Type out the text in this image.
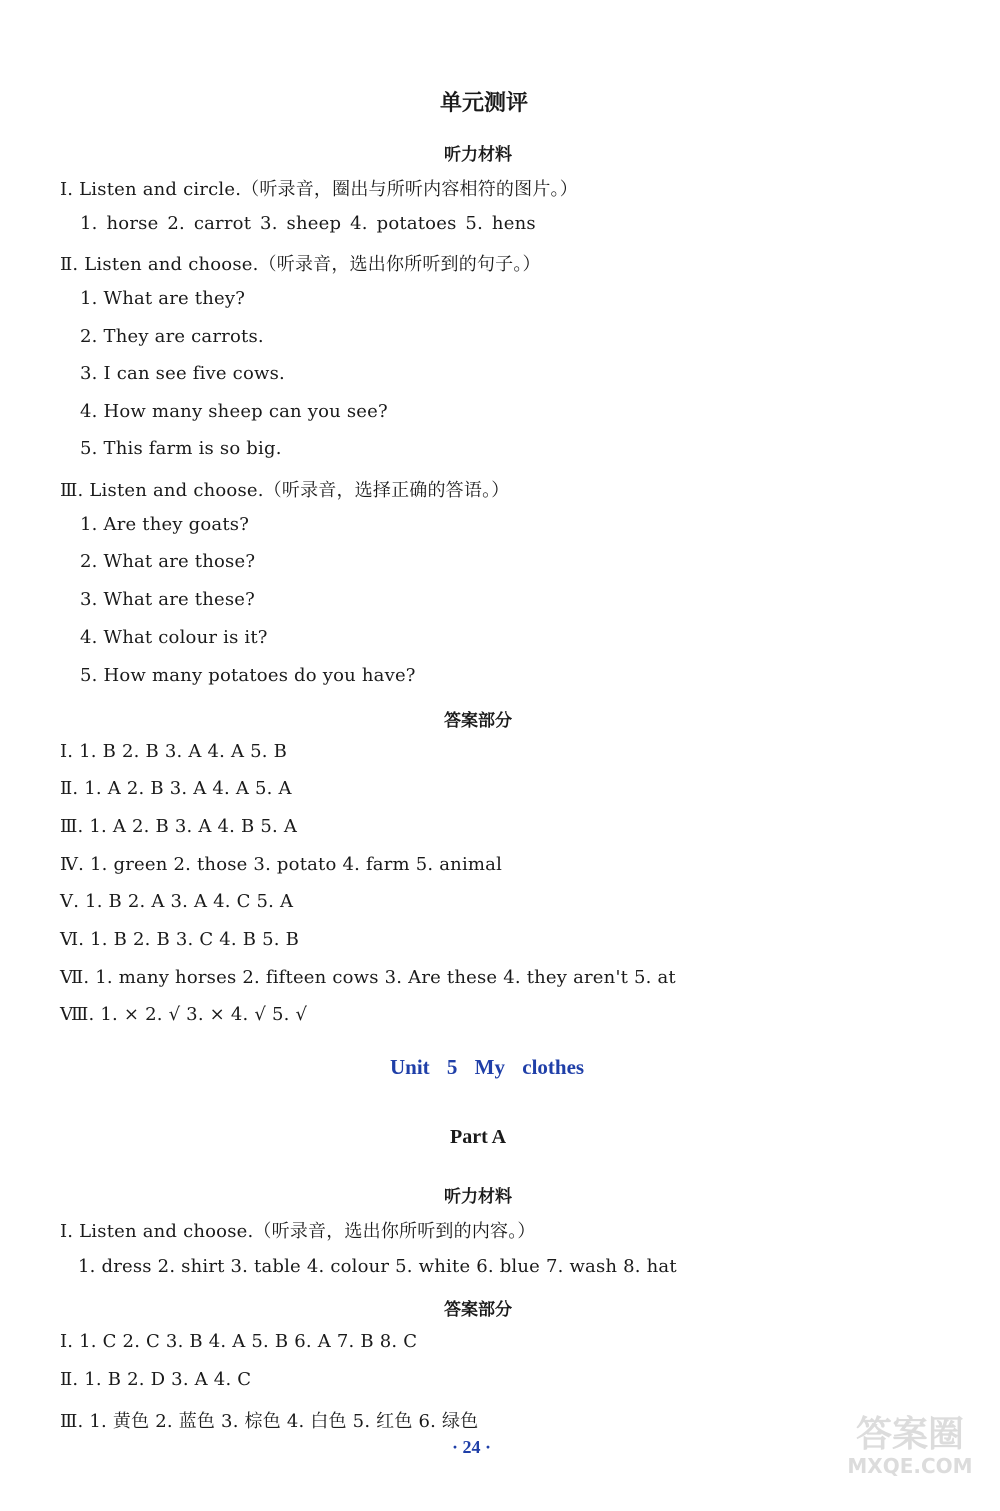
单元测评
听力材料
Ⅰ. Listen and circle.（听录音，圈出与所听内容相符的图片。）
1. horse 2. carrot 3. sheep 4. potatoes 5. hens
Ⅱ. Listen and choose.（听录音，选出你所听到的句子。）
1. What are they?
2. They are carrots.
3. I can see five cows.
4. How many sheep can you see?
5. This farm is so big.
Ⅲ. Listen and choose.（听录音，选择正确的答语。）
1. Are they goats?
2. What are those?
3. What are these?
4. What colour is it?
5. How many potatoes do you have?
答案部分
Ⅰ. 1. B 2. B 3. A 4. A 5. B
Ⅱ. 1. A 2. B 3. A 4. A 5. A
Ⅲ. 1. A 2. B 3. A 4. B 5. A
Ⅳ. 1. green 2. those 3. potato 4. farm 5. animal
Ⅴ. 1. B 2. A 3. A 4. C 5. A
Ⅵ. 1. B 2. B 3. C 4. B 5. B
Ⅶ. 1. many horses 2. fifteen cows 3. Are these 4. they aren't 5. at
Ⅷ. 1. × 2. √ 3. × 4. √ 5. √
Unit 5 My clothes
Part A
听力材料
Ⅰ. Listen and choose.（听录音，选出你所听到的内容。）
1. dress 2. shirt 3. table 4. colour 5. white 6. blue 7. wash 8. hat
答案部分
Ⅰ. 1. C 2. C 3. B 4. A 5. B 6. A 7. B 8. C
Ⅱ. 1. B 2. D 3. A 4. C
Ⅲ. 1. 黄色 2. 蓝色 3. 棕色 4. 白色 5. 红色 6. 绿色
· 24 ·	答案圈
MXQE.COM
